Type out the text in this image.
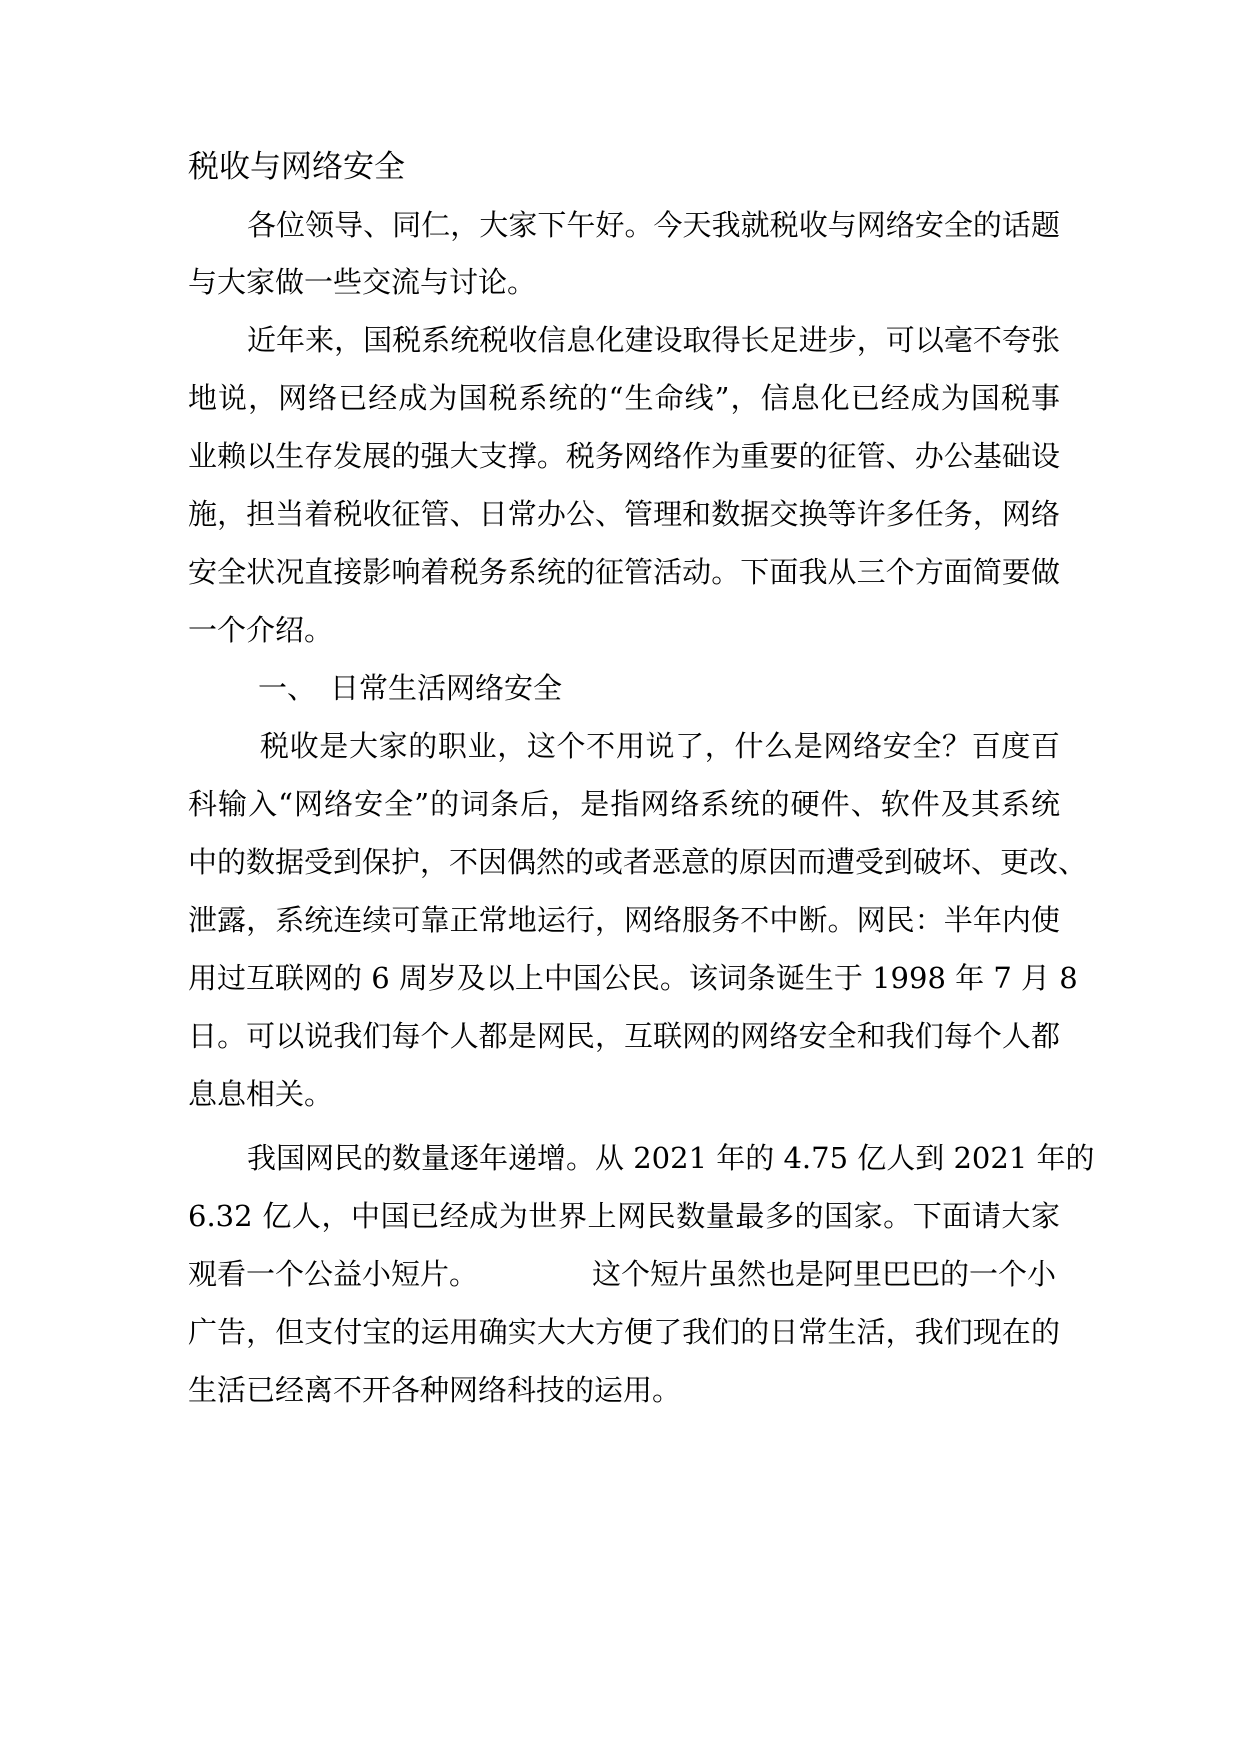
税收与网络安全
各位领导、同仁，大家下午好。今天我就税收与网络安全的话题
与大家做一些交流与讨论。
近年来，国税系统税收信息化建设取得长足进步，可以毫不夸张
地说，网络已经成为国税系统的“生命线”，信息化已经成为国税事
业赖以生存发展的强大支撑。税务网络作为重要的征管、办公基础设
施，担当着税收征管、日常办公、管理和数据交换等许多任务，网络
安全状况直接影响着税务系统的征管活动。下面我从三个方面简要做
一个介绍。
一、 日常生活网络安全
税收是大家的职业，这个不用说了，什么是网络安全？百度百
科输入“网络安全”的词条后，是指网络系统的硬件、软件及其系统
中的数据受到保护，不因偶然的或者恶意的原因而遭受到破坏、更改、
泄露，系统连续可靠正常地运行，网络服务不中断。网民：半年内使
用过互联网的 6 周岁及以上中国公民。该词条诞生于 1998 年 7 月 8
日。可以说我们每个人都是网民，互联网的网络安全和我们每个人都
息息相关。
我国网民的数量逐年递增。从 2021 年的 4.75 亿人到 2021 年的
6.32 亿人，中国已经成为世界上网民数量最多的国家。下面请大家
观看一个公益小短片。	这个短片虽然也是阿里巴巴的一个小
广告，但支付宝的运用确实大大方便了我们的日常生活，我们现在的
生活已经离不开各种网络科技的运用。
